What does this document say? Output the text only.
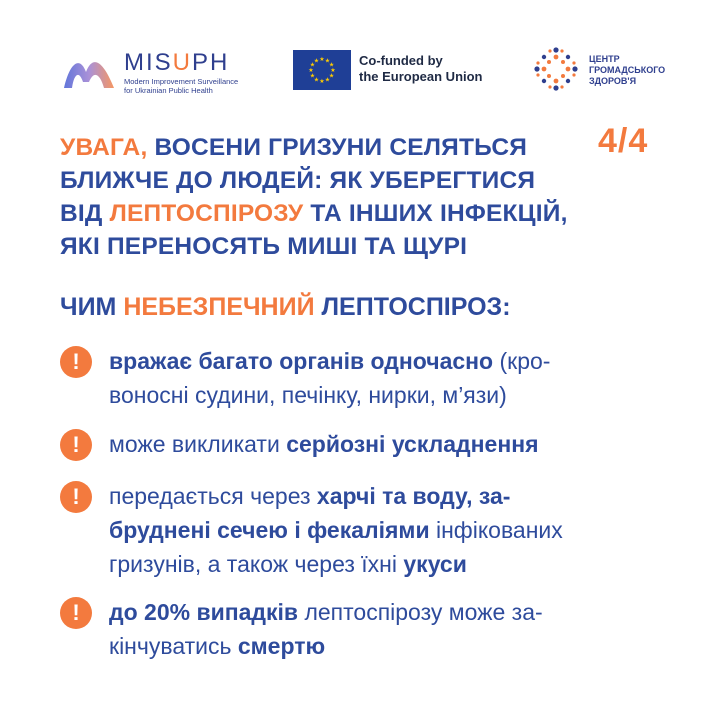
MISUPH
Modern Improvement Surveillance
for Ukrainian Public Health
★
★
★
★
★
★
★
★
★ ★ ★
★ Co-funded by
the European Union
ЦЕНТР
ГРОМАДСЬКОГО
ЗДОРОВ'Я
4/4
УВАГА, ВОСЕНИ ГРИЗУНИ СЕЛЯТЬСЯ
БЛИЖЧЕ ДО ЛЮДЕЙ: ЯК УБЕРЕГТИСЯ
ВІД ЛЕПТОСПІРОЗУ ТА ІНШИХ ІНФЕКЦІЙ,
ЯКІ ПЕРЕНОСЯТЬ МИШІ ТА ЩУРІ
ЧИМ НЕБЕЗПЕЧНИЙ ЛЕПТОСПІРОЗ:
!	вражає багато органів одночасно (кро-
воносні судини, печінку, нирки, м’язи)
!	може викликати серйозні ускладнення
!	передається через харчі та воду, за-
бруднені сечею і фекаліями інфікованих
гризунів, а також через їхні укуси
!	до 20% випадків лептоспірозу може за-
кінчуватись смертю
